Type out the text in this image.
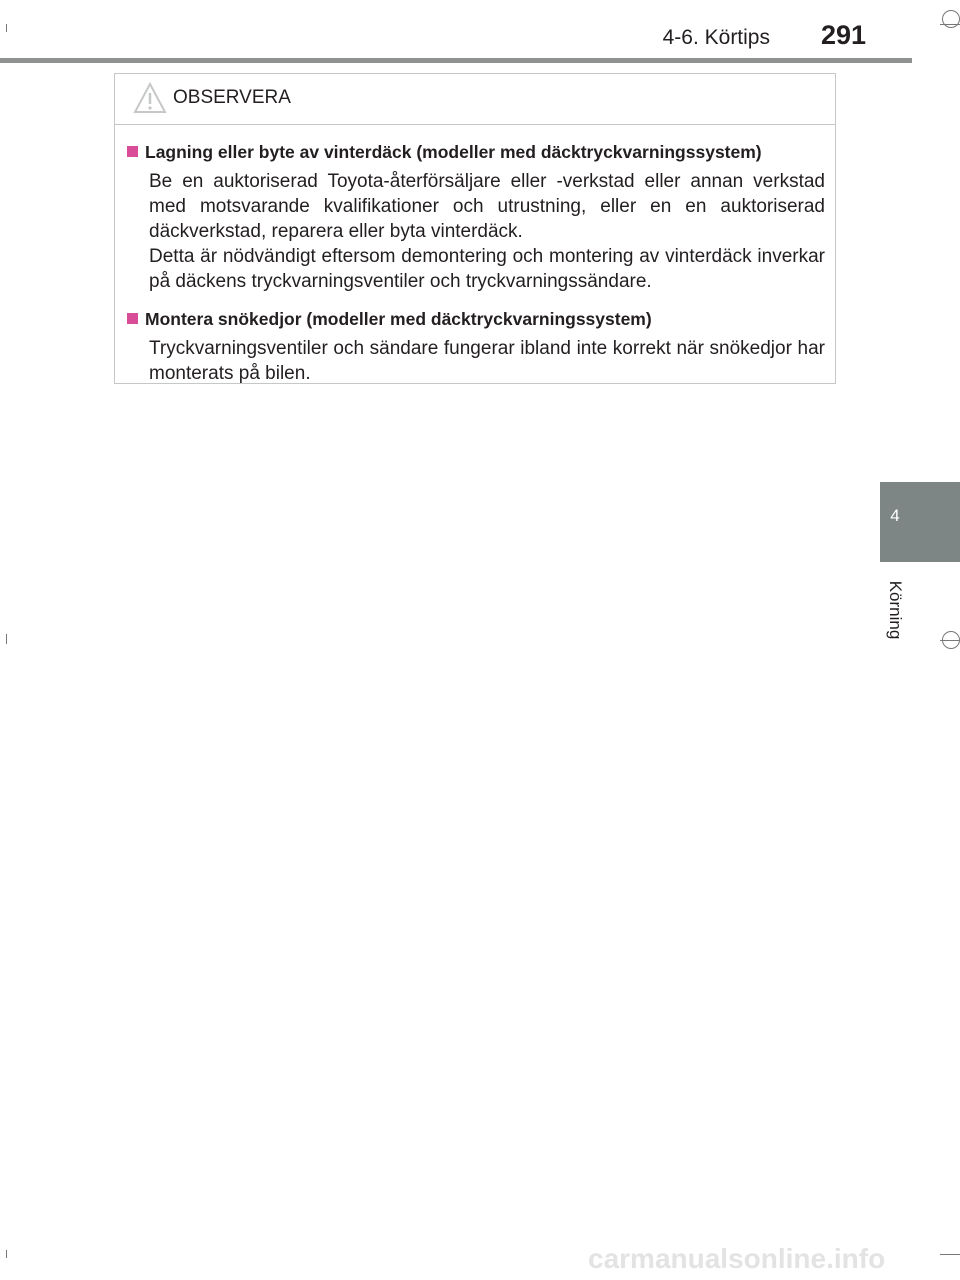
4-6. Körtips	291
4
Körning
OBSERVERA
Lagning eller byte av vinterdäck (modeller med däcktryckvarningssystem)

Be en auktoriserad Toyota-återförsäljare eller -verkstad eller annan verkstad med motsvarande kvalifikationer och utrustning, eller en en auktoriserad däckverkstad, reparera eller byta vinterdäck.

Detta är nödvändigt eftersom demontering och montering av vinterdäck inverkar på däckens tryckvarningsventiler och tryckvarningssändare.

Montera snökedjor (modeller med däcktryckvarningssystem)

Tryckvarningsventiler och sändare fungerar ibland inte korrekt när snökedjor har monterats på bilen.

carmanualsonline.info
